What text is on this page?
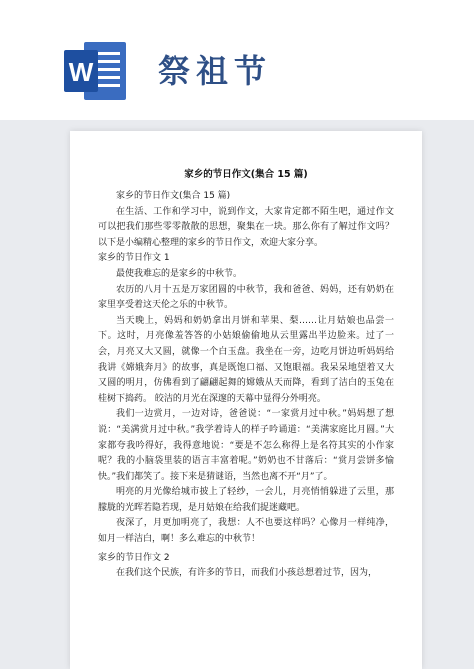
W 祭祖节
家乡的节日作文(集合 15 篇)

家乡的节日作文(集合 15 篇)

在生活、工作和学习中，说到作文，大家肯定都不陌生吧，通过作文可以把我们那些零零散散的思想，聚集在一块。那么你有了解过作文吗？以下是小编精心整理的家乡的节日作文，欢迎大家分享。

家乡的节日作文 1

最使我难忘的是家乡的中秋节。

农历的八月十五是万家团圆的中秋节，我和爸爸、妈妈，还有奶奶在家里享受着这天伦之乐的中秋节。

当天晚上，妈妈和奶奶拿出月饼和苹果、梨……让月姑娘也品尝一下。这时，月亮像羞答答的小姑娘偷偷地从云里露出半边脸来。过了一会，月亮又大又圆，就像一个白玉盘。我坐在一旁，边吃月饼边听妈妈给我讲《嫦娥奔月》的故事，真是既饱口福、又饱眼福。我呆呆地望着又大又圆的明月，仿佛看到了翩翩起舞的嫦娥从天而降，看到了洁白的玉兔在桂树下捣药。 皎洁的月光在深邃的天幕中显得分外明亮。

我们一边赏月，一边对诗，爸爸说：“一家赏月过中秋。”妈妈想了想说：“美满赏月过中秋。”我学着诗人的样子吟诵道：“美满家庭比月圆。”大家都夸我吟得好，我得意地说：“要是不怎么称得上是名符其实的小作家呢？我的小脑袋里装的语言丰富着呢。”奶奶也不甘落后：“赏月尝饼多愉快。”我们都笑了。接下来是猜谜语，当然也离不开“月”了。

明亮的月光像给城市披上了轻纱，一会儿，月亮悄悄躲进了云里，那朦胧的光晖若隐若现，是月姑娘在给我们捉迷藏吧。

夜深了，月更加明亮了，我想：人不也要这样吗？心像月一样纯净，如月一样洁白，啊！多么难忘的中秋节！

家乡的节日作文 2

在我们这个民族，有许多的节日，而我们小孩总想着过节，因为，
